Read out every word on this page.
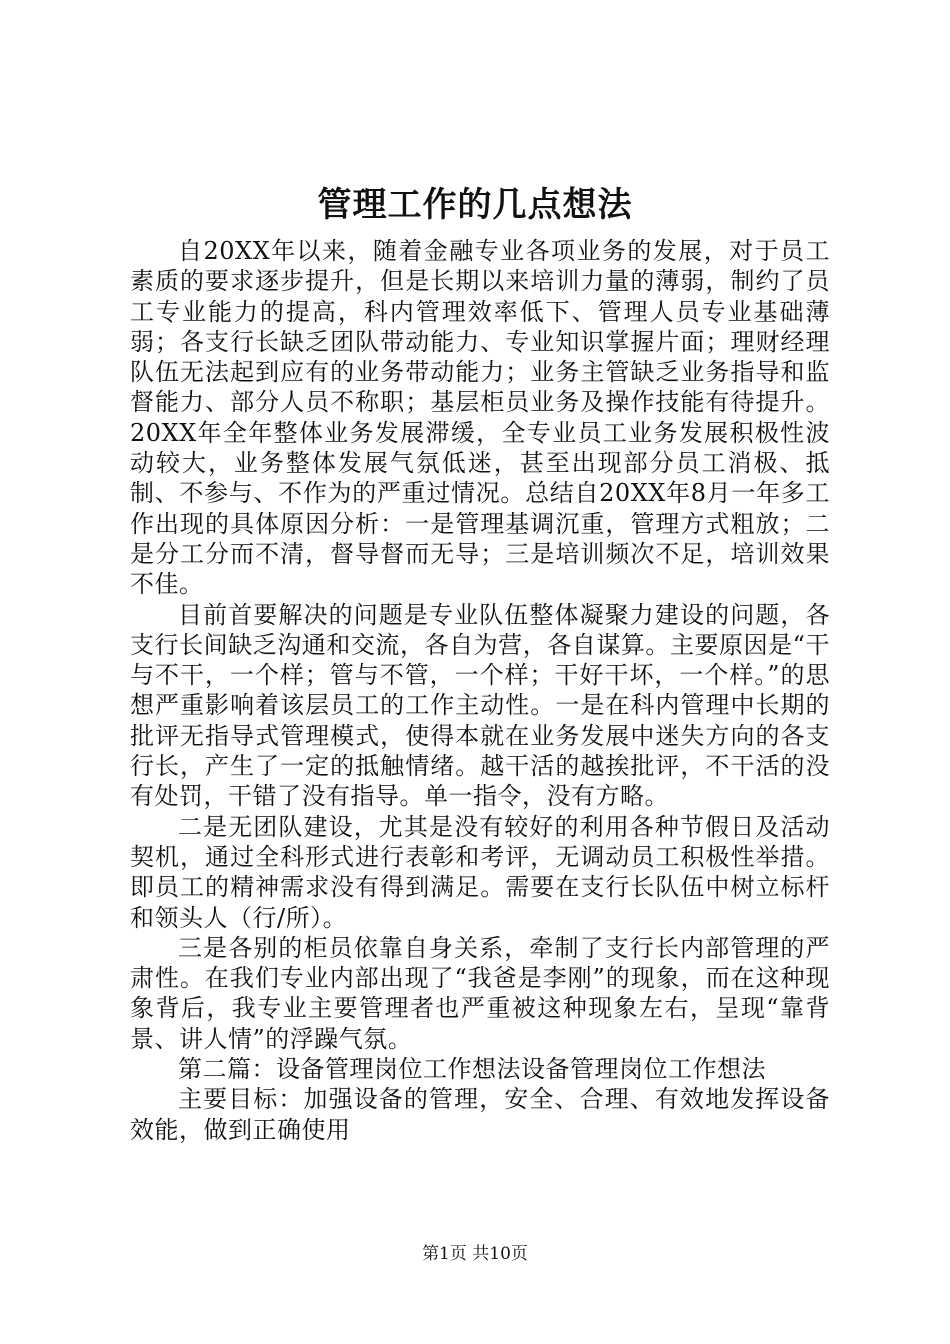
管理工作的几点想法

自20XX年以来，随着金融专业各项业务的发展，对于员工素质的要求逐步提升，但是长期以来培训力量的薄弱，制约了员工专业能力的提高，科内管理效率低下、管理人员专业基础薄弱；各支行长缺乏团队带动能力、专业知识掌握片面；理财经理队伍无法起到应有的业务带动能力；业务主管缺乏业务指导和监督能力、部分人员不称职；基层柜员业务及操作技能有待提升。20XX年全年整体业务发展滞缓，全专业员工业务发展积极性波动较大，业务整体发展气氛低迷，甚至出现部分员工消极、抵制、不参与、不作为的严重过情况。总结自20XX年8月一年多工作出现的具体原因分析：一是管理基调沉重，管理方式粗放；二是分工分而不清，督导督而无导；三是培训频次不足，培训效果不佳。

目前首要解决的问题是专业队伍整体凝聚力建设的问题，各支行长间缺乏沟通和交流，各自为营，各自谋算。主要原因是“干与不干，一个样；管与不管，一个样；干好干坏，一个样。”的思想严重影响着该层员工的工作主动性。一是在科内管理中长期的批评无指导式管理模式，使得本就在业务发展中迷失方向的各支行长，产生了一定的抵触情绪。越干活的越挨批评，不干活的没有处罚，干错了没有指导。单一指令，没有方略。

二是无团队建设，尤其是没有较好的利用各种节假日及活动契机，通过全科形式进行表彰和考评，无调动员工积极性举措。即员工的精神需求没有得到满足。需要在支行长队伍中树立标杆和领头人（行/所）。

三是各别的柜员依靠自身关系，牵制了支行长内部管理的严肃性。在我们专业内部出现了“我爸是李刚”的现象，而在这种现象背后，我专业主要管理者也严重被这种现象左右，呈现“靠背景、讲人情”的浮躁气氛。

第二篇：设备管理岗位工作想法设备管理岗位工作想法

主要目标：加强设备的管理，安全、合理、有效地发挥设备效能，做到正确使用

第1页 共10页
